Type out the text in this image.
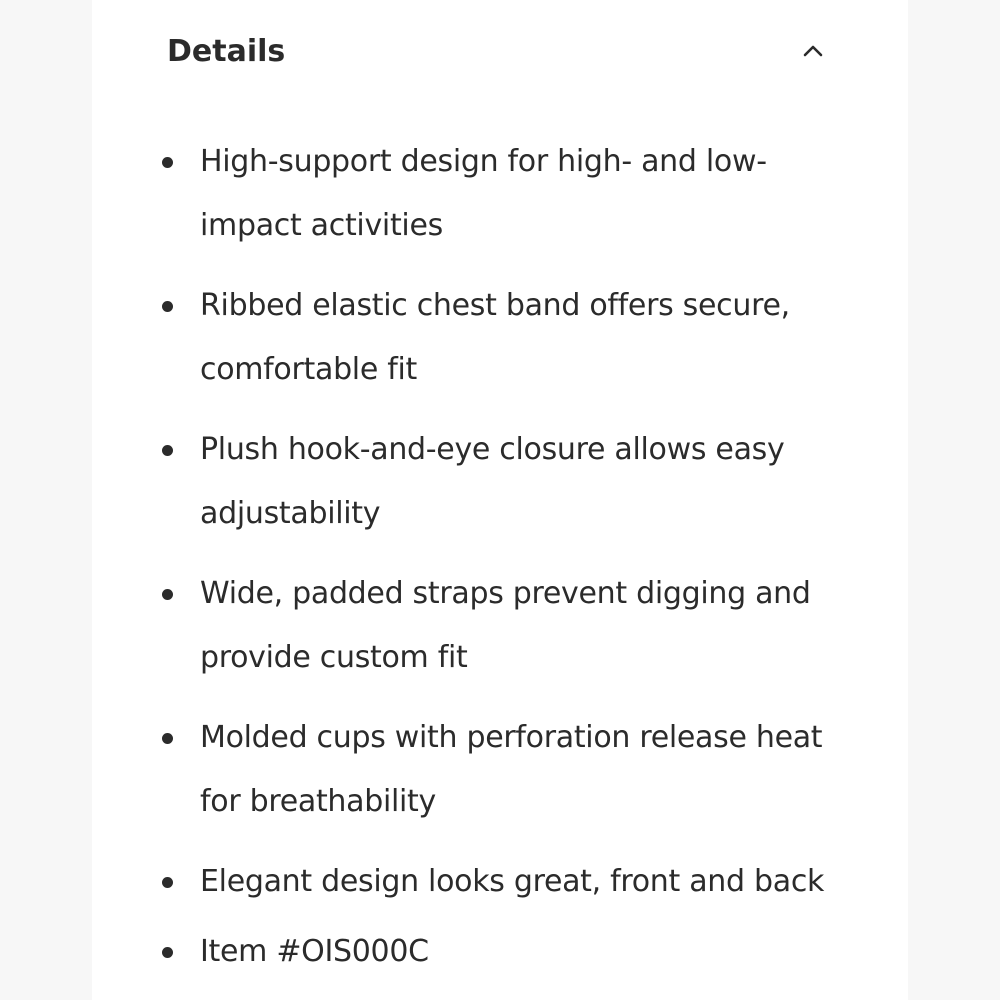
Details
High-support design for high- and low-impact activities
Ribbed elastic chest band offers secure, comfortable fit
Plush hook-and-eye closure allows easy adjustability
Wide, padded straps prevent digging and provide custom fit
Molded cups with perforation release heat for breathability
Elegant design looks great, front and back
Item #OIS000C
